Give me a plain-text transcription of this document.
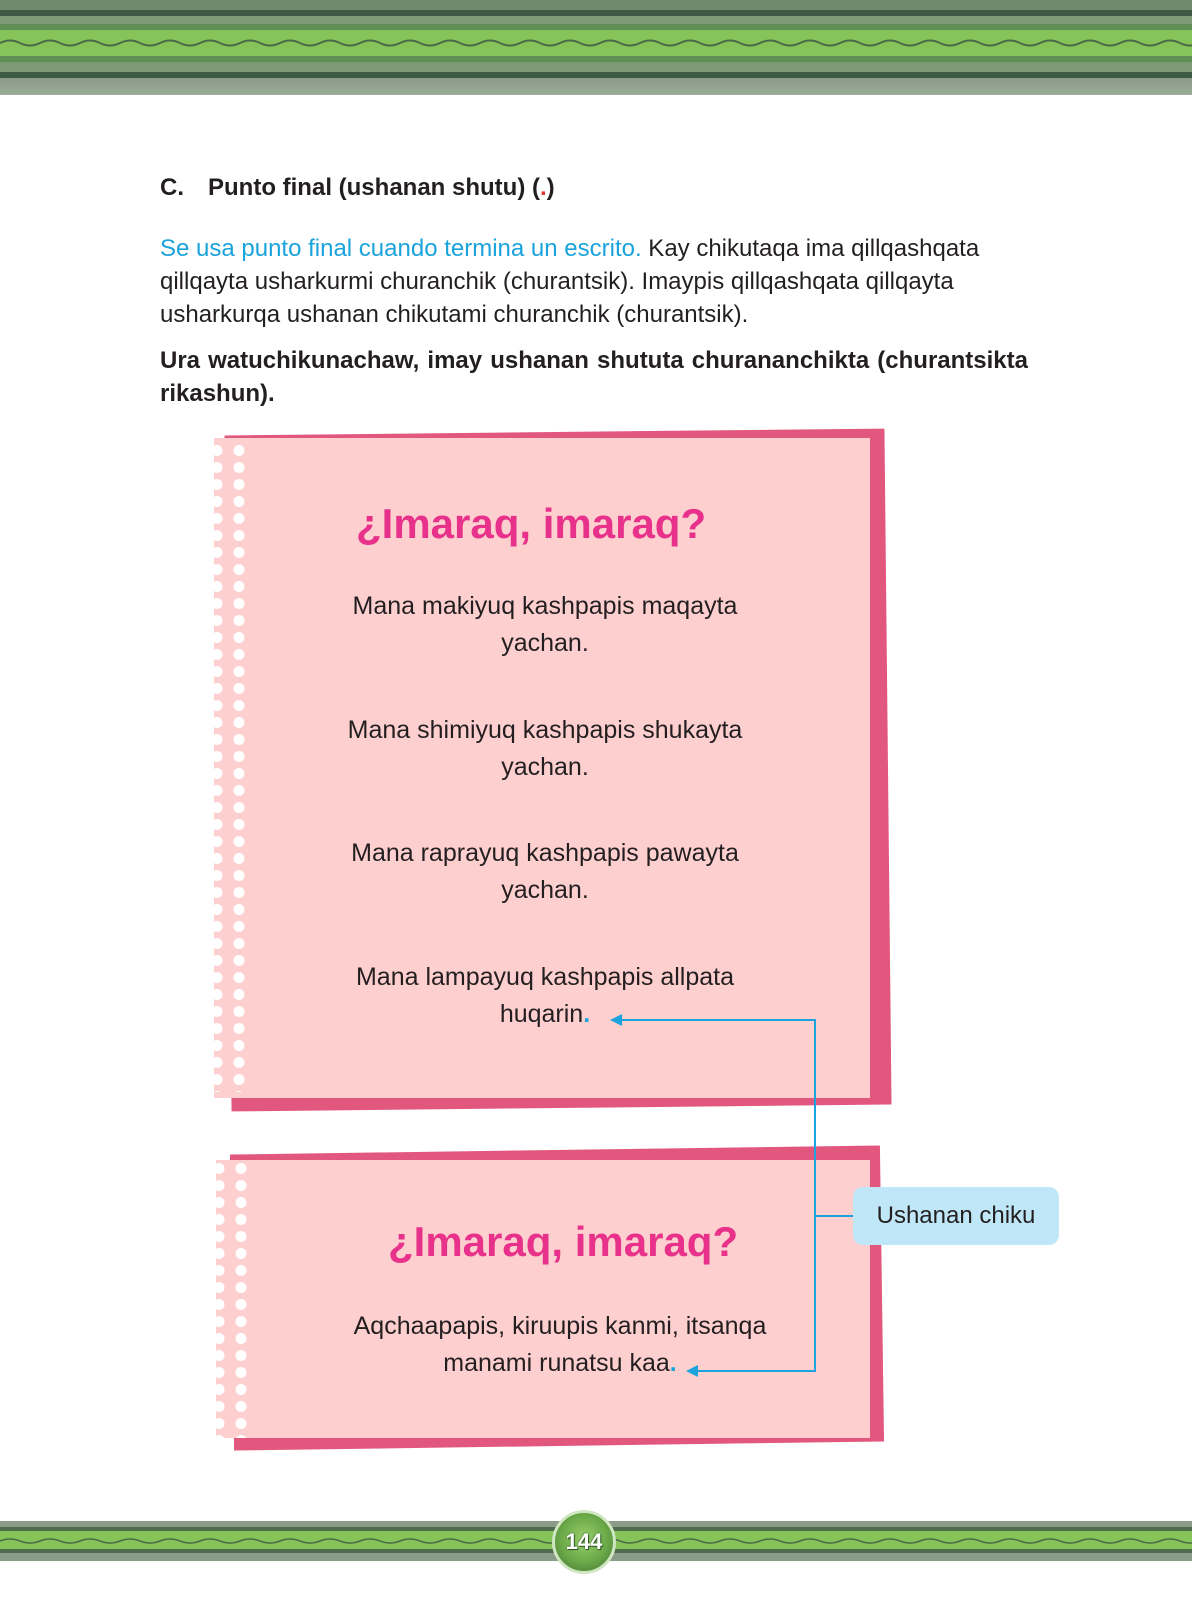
C. Punto final (ushanan shutu) (.)

Se usa punto final cuando termina un escrito. Kay chikutaqa ima qillqashqata qillqayta usharkurmi churanchik (churantsik). Imaypis qillqashqata qillqayta usharkurqa ushanan chikutami churanchik (churantsik).

Ura watuchikunachaw, imay ushanan shututa churananchikta (churantsikta rikashun).

¿Imaraq, imaraq?

Mana makiyuq kashpapis maqayta
yachan.

Mana shimiyuq kashpapis shukayta
yachan.

Mana raprayuq kashpapis pawayta
yachan.

Mana lampayuq kashpapis allpata
huqarin.

¿Imaraq, imaraq?

Aqchaapapis, kiruupis kanmi, itsanqa
manami runatsu kaa.

Ushanan chiku
144
